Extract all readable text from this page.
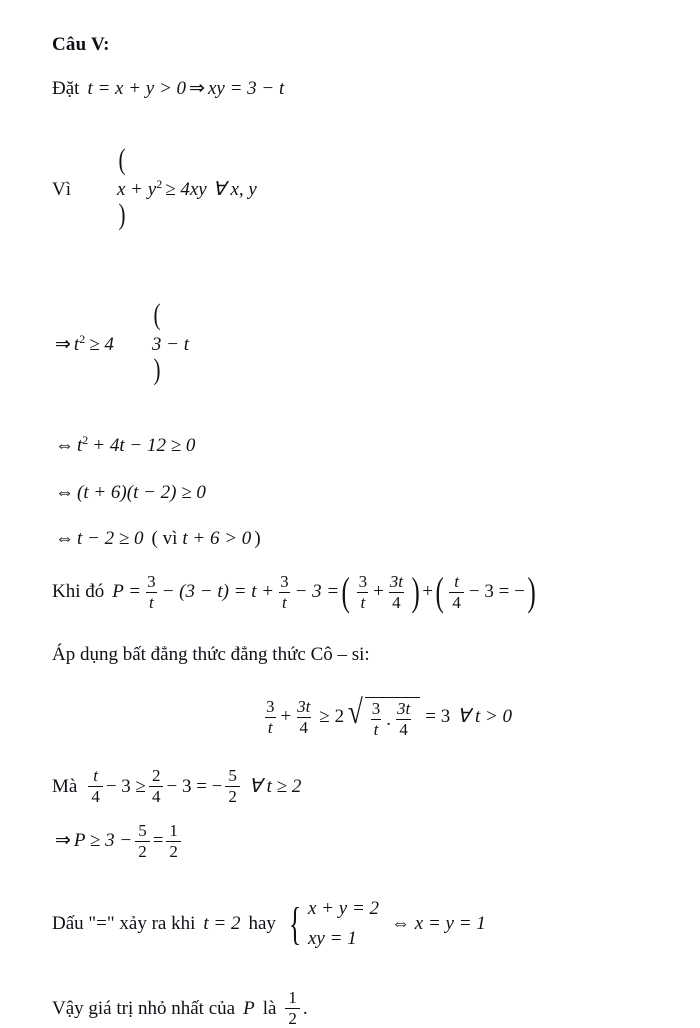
Câu V:
Đặt t = x + y > 0 ⇒ xy = 3 − t
Vì

(
x + y
)

2 ≥ 4xy ∀ x, y
⇒ t 2 ≥ 4

(
3 − t
)

⇔ t 2 + 4t − 12 ≥ 0
⇔ (t + 6)(t − 2) ≥ 0
⇔ t − 2 ≥ 0 ( vì t + 6 > 0 )
Khi đó $P = \frac{3}{t} - (3 - t) = t + \frac{3}{t} - 3$ = ( $\frac{3}{t} + \frac{3t}{4}$ ) + ( $\frac{t}{4} - 3$ = − )
Áp dụng bất đẳng thức đẳng thức Cô – si:
$\frac{3}{t} + \frac{3t}{4} \ge 2$ √ $\frac{3}{t}$ . $\frac{3t}{4} = 3$ ∀ t > 0
Mà $\frac{t}{4} - 3 \ge \frac{2}{4} - 3$ = − $\frac{5}{2}$ ∀ t ≥ 2
⇒ $P \ge 3 - \frac{5}{2} = \frac{1}{2}$
Dấu "=" xảy ra khi t = 2 hay { x + y = 2
xy = 1
⇔ x = y = 1
Vậy giá trị nhỏ nhất của P là $\frac{1}{2}$ .
